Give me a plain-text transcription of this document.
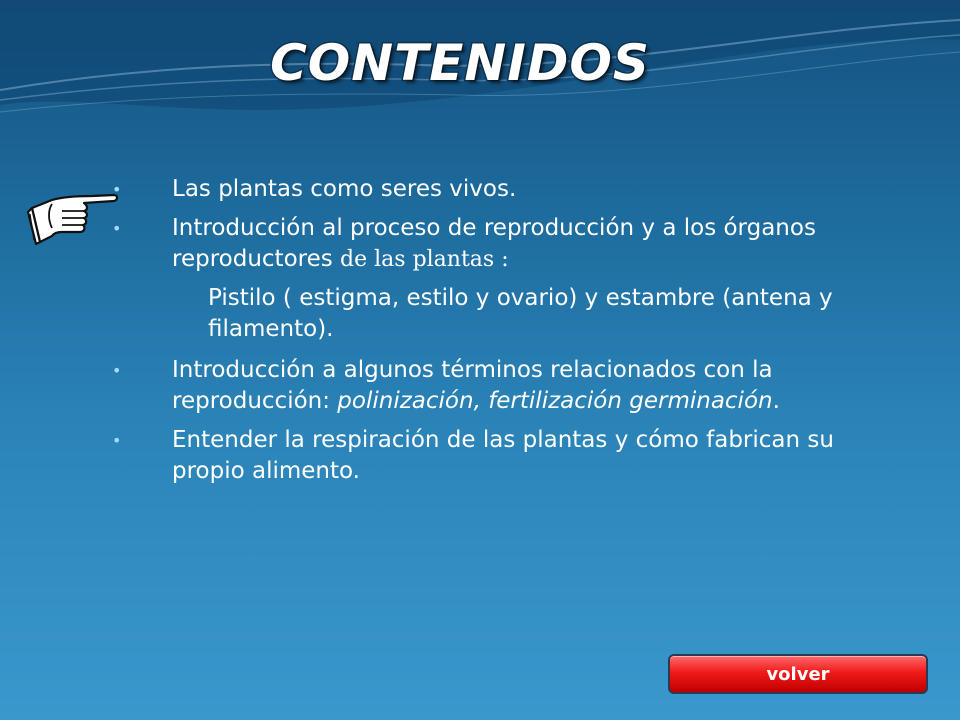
CONTENIDOS
• Las plantas como seres vivos.
• Introducción al proceso de reproducción y a los órganos reproductores de las plantas :
Pistilo ( estigma, estilo y ovario) y estambre (antena y filamento).
• Introducción a algunos términos relacionados con la reproducción: polinización, fertilización germinación.
• Entender la respiración de las plantas y cómo fabrican su propio alimento.
volver
